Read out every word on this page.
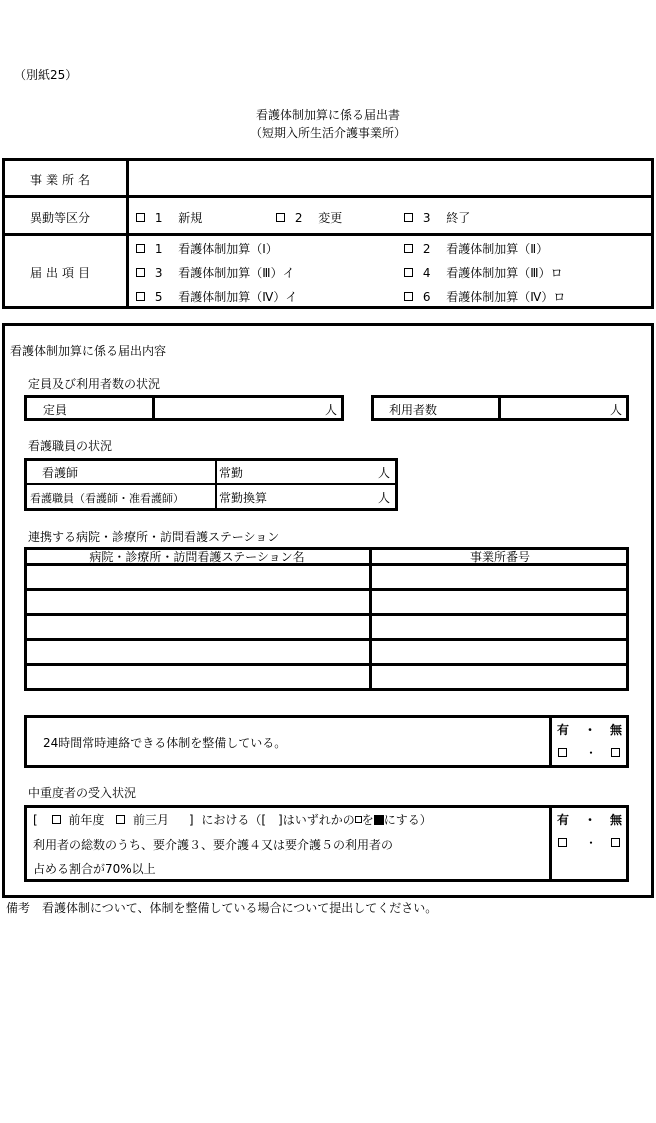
（別紙25）
看護体制加算に係る届出書
（短期入所生活介護事業所）
事業所名
異動等区分	1 新規	2 変更	3 終了
届出項目
1 看護体制加算（Ⅰ）	2 看護体制加算（Ⅱ）
3 看護体制加算（Ⅲ）イ	4 看護体制加算（Ⅲ）ロ
5 看護体制加算（Ⅳ）イ	6 看護体制加算（Ⅳ）ロ
看護体制加算に係る届出内容
定員及び利用者数の状況
定員	人	利用者数	人
看護職員の状況
看護師	常勤	人
看護職員（看護師・准看護師）	常勤換算	人
連携する病院・診療所・訪問看護ステーション
病院・診療所・訪問看護ステーション名	事業所番号
24時間常時連絡できる体制を整備している。
有 ・ 無
・
中重度者の受入状況
[	前年度 前三月 ] における（[　]はいずれかの を にする）
利用者の総数のうち、要介護３、要介護４又は要介護５の利用者の
占める割合が70%以上
有 ・ 無
・
備考　看護体制について、体制を整備している場合について提出してください。
